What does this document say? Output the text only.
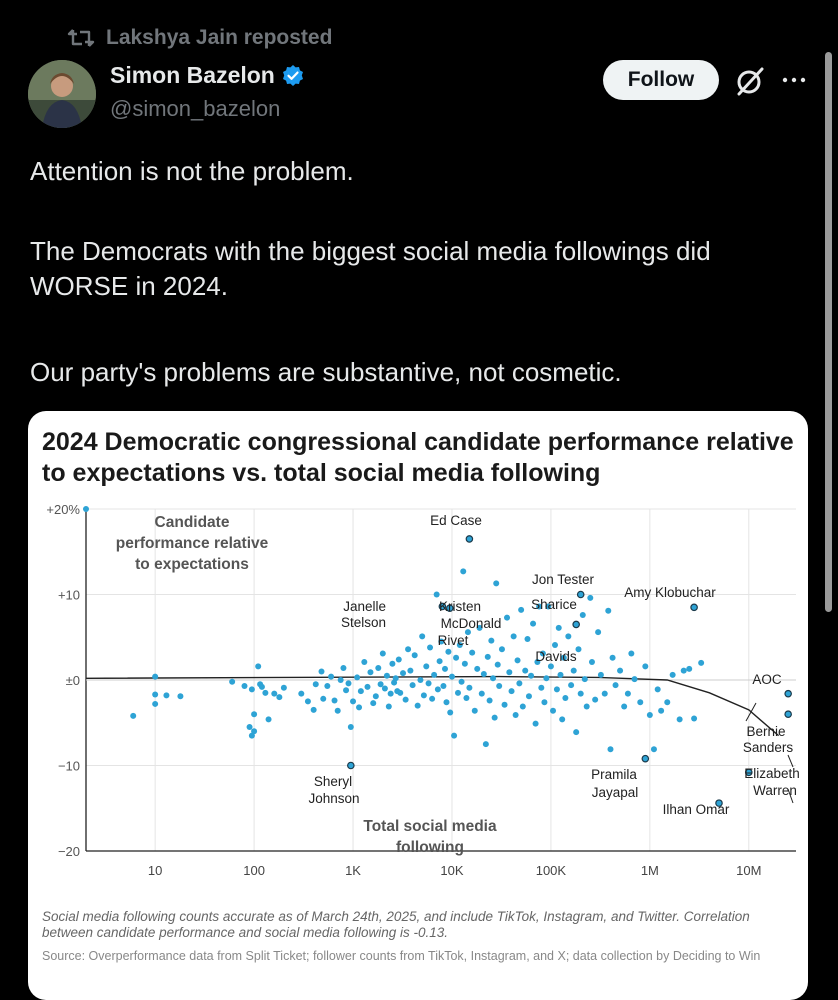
Lakshya Jain reposted
Simon Bazelon
@simon_bazelon
Follow
Attention is not the problem.
The Democrats with the biggest social media followings did WORSE in 2024.
Our party's problems are substantive, not cosmetic.
2024 Democratic congressional candidate performance relative to expectations vs. total social media following
+20%
+10
±0
−10
−20
10	100	1K	10K	100K	1M	10M
Ed Case
Jon Tester
Amy Klobuchar
Janelle
Stelson
Kristen
McDonald
Rivet
Sharice
Davids
AOC
Bernie
Sanders
Sheryl
Johnson
Pramila
Jayapal
Elizabeth
Warren
Ilhan Omar
Candidate
performance relative
to expectations
Total social media
following
Social media following counts accurate as of March 24th, 2025, and include TikTok, Instagram, and Twitter. Correlation between candidate performance and social media following is -0.13.
Source: Overperformance data from Split Ticket; follower counts from TikTok, Instagram, and X; data collection by Deciding to Win
